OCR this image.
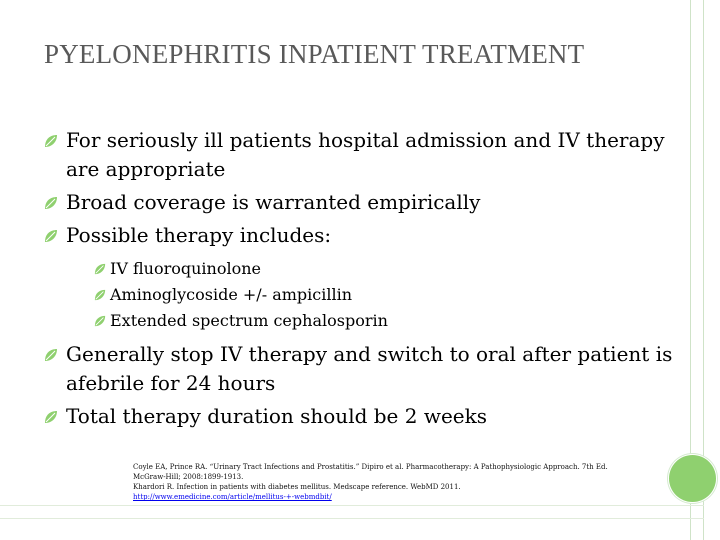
PYELONEPHRITIS INPATIENT TREATMENT

For seriously ill patients hospital admission and IV therapy are appropriate

Broad coverage is warranted empirically

Possible therapy includes:

IV fluoroquinolone

Aminoglycoside +/- ampicillin

Extended spectrum cephalosporin

Generally stop IV therapy and switch to oral after patient is afebrile for 24 hours

Total therapy duration should be 2 weeks

Coyle EA, Prince RA. “Urinary Tract Infections and Prostatitis.” Dipiro et al. Pharmacotherapy: A Pathophysiologic Approach. 7th Ed. McGraw-Hill; 2008:1899-1913.

Khardori R. Infection in patients with diabetes mellitus. Medscape reference. WebMD 2011.

http://www.emedicine.com/article/mellitus-+-webmdbit/
